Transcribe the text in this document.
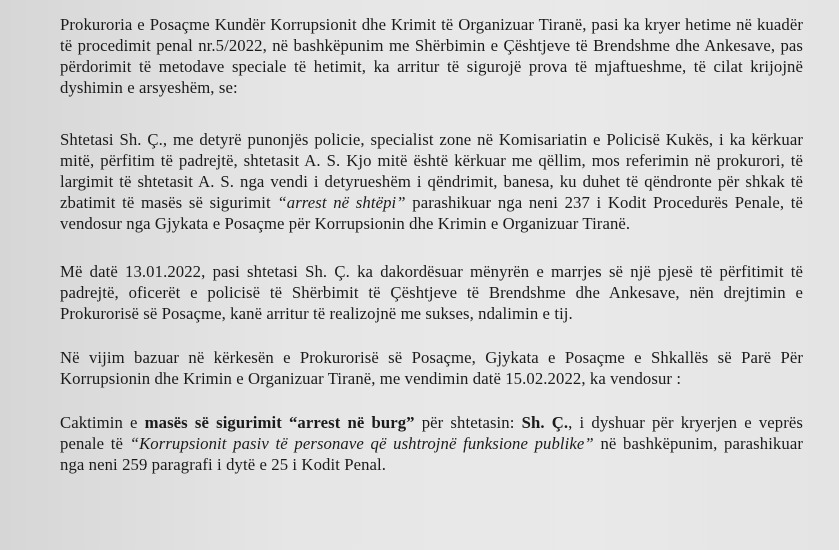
Prokuroria e Posaçme Kundër Korrupsionit dhe Krimit të Organizuar Tiranë, pasi ka kryer hetime në kuadër të procedimit penal nr.5/2022, në bashkëpunim me Shërbimin e Çështjeve të Brendshme dhe Ankesave, pas përdorimit të metodave speciale të hetimit, ka arritur të sigurojë prova të mjaftueshme, të cilat krijojnë dyshimin e arsyeshëm, se:

Shtetasi Sh. Ç., me detyrë punonjës policie, specialist zone në Komisariatin e Policisë Kukës, i ka kërkuar mitë, përfitim të padrejtë, shtetasit A. S. Kjo mitë është kërkuar me qëllim, mos referimin në prokurori, të largimit të shtetasit A. S. nga vendi i detyrueshëm i qëndrimit, banesa, ku duhet të qëndronte për shkak të zbatimit të masës së sigurimit “arrest në shtëpi” parashikuar nga neni 237 i Kodit Procedurës Penale, të vendosur nga Gjykata e Posaçme për Korrupsionin dhe Krimin e Organizuar Tiranë.

Më datë 13.01.2022, pasi shtetasi Sh. Ç. ka dakordësuar mënyrën e marrjes së një pjesë të përfitimit të padrejtë, oficerët e policisë të Shërbimit të Çështjeve të Brendshme dhe Ankesave, nën drejtimin e Prokurorisë së Posaçme, kanë arritur të realizojnë me sukses, ndalimin e tij.

Në vijim bazuar në kërkesën e Prokurorisë së Posaçme, Gjykata e Posaçme e Shkallës së Parë Për Korrupsionin dhe Krimin e Organizuar Tiranë, me vendimin datë 15.02.2022, ka vendosur :

Caktimin e masës së sigurimit “arrest në burg” për shtetasin: Sh. Ç., i dyshuar për kryerjen e veprës penale të “Korrupsionit pasiv të personave që ushtrojnë funksione publike” në bashkëpunim, parashikuar nga neni 259 paragrafi i dytë e 25 i Kodit Penal.
